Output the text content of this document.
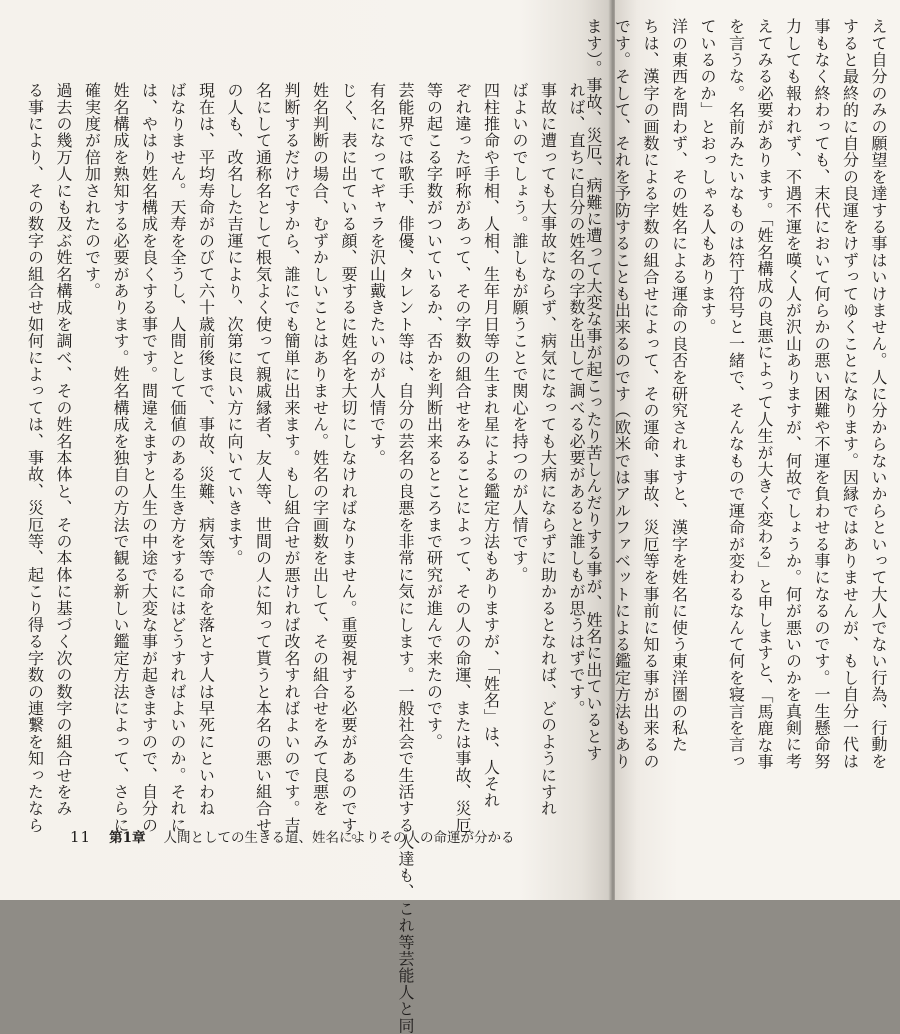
れば、直ちに自分の姓名の字数を出して調べる必要があると誰しもが思うはずです。
事故に遭っても大事故にならず、病気になっても大病にならずに助かるとなれば、どのようにすれ
ばよいのでしょう。誰しもが願うことで関心を持つのが人情です。
四柱推命や手相、人相、生年月日等の生まれ星による鑑定方法もありますが、「姓名」は、人それ
ぞれ違った呼称があって、その字数の組合せをみることによって、その人の命運、または事故、災厄
等の起こる字数がついているか、否かを判断出来るところまで研究が進んで来たのです。
芸能界では歌手、俳優、タレント等は、自分の芸名の良悪を非常に気にします。一般社会で生活する人達も、これ等芸能人と同
有名になってギャラを沢山戴きたいのが人情です。
じく、表に出ている顔、要するに姓名を大切にしなければなりません。重要視する必要があるのです。
姓名判断の場合、むずかしいことはありません。姓名の字画数を出して、その組合せをみて良悪を
判断するだけですから、誰にでも簡単に出来ます。もし組合せが悪ければ改名すればよいのです。吉
名にして通称名として根気よく使って親戚縁者、友人等、世間の人に知って貰うと本名の悪い組合せ
の人も、改名した吉運により、次第に良い方に向いていきます。
現在は、平均寿命がのびて六十歳前後まで、事故、災難、病気等で命を落とす人は早死にといわね
ばなりません。天寿を全うし、人間として価値のある生き方をするにはどうすればよいのか。それに
は、やはり姓名構成を良くする事です。間違えますと人生の中途で大変な事が起きますので、自分の
姓名構成を熟知する必要があります。姓名構成を独自の方法で観る新しい鑑定方法によって、さらに
確実度が倍加されたのです。
過去の幾万人にも及ぶ姓名構成を調べ、その姓名本体と、その本体に基づく次の数字の組合せをみ
る事により、その数字の組合せ如何によっては、事故、災厄等、起こり得る字数の連繋を知ったなら
11 第1章 人間としての生きる道、姓名によりその人の命運が分かる
えて自分のみの願望を達する事はいけません。人に分からないからといって大人でない行為、行動を
すると最終的に自分の良運をけずってゆくことになります。因縁ではありませんが、もし自分一代は
事もなく終わっても、末代において何らかの悪い困難や不運を負わせる事になるのです。一生懸命努
力しても報われず、不遇不運を嘆く人が沢山ありますが、何故でしょうか。何が悪いのかを真剣に考
えてみる必要があります。「姓名構成の良悪によって人生が大きく変わる」と申しますと、「馬鹿な事
を言うな。名前みたいなものは符丁符号と一緒で、そんなもので運命が変わるなんて何を寝言を言っ
ているのか」とおっしゃる人もあります。
洋の東西を問わず、その姓名による運命の良否を研究されますと、漢字を姓名に使う東洋圏の私た
ちは、漢字の画数による字数の組合せによって、その運命、事故、災厄等を事前に知る事が出来るの
です。そして、それを予防することも出来るのです（欧米ではアルファベットによる鑑定方法もあり
ます）。事故、災厄、病難に遭って大変な事が起こったり苦しんだりする事が、姓名に出ているとす
